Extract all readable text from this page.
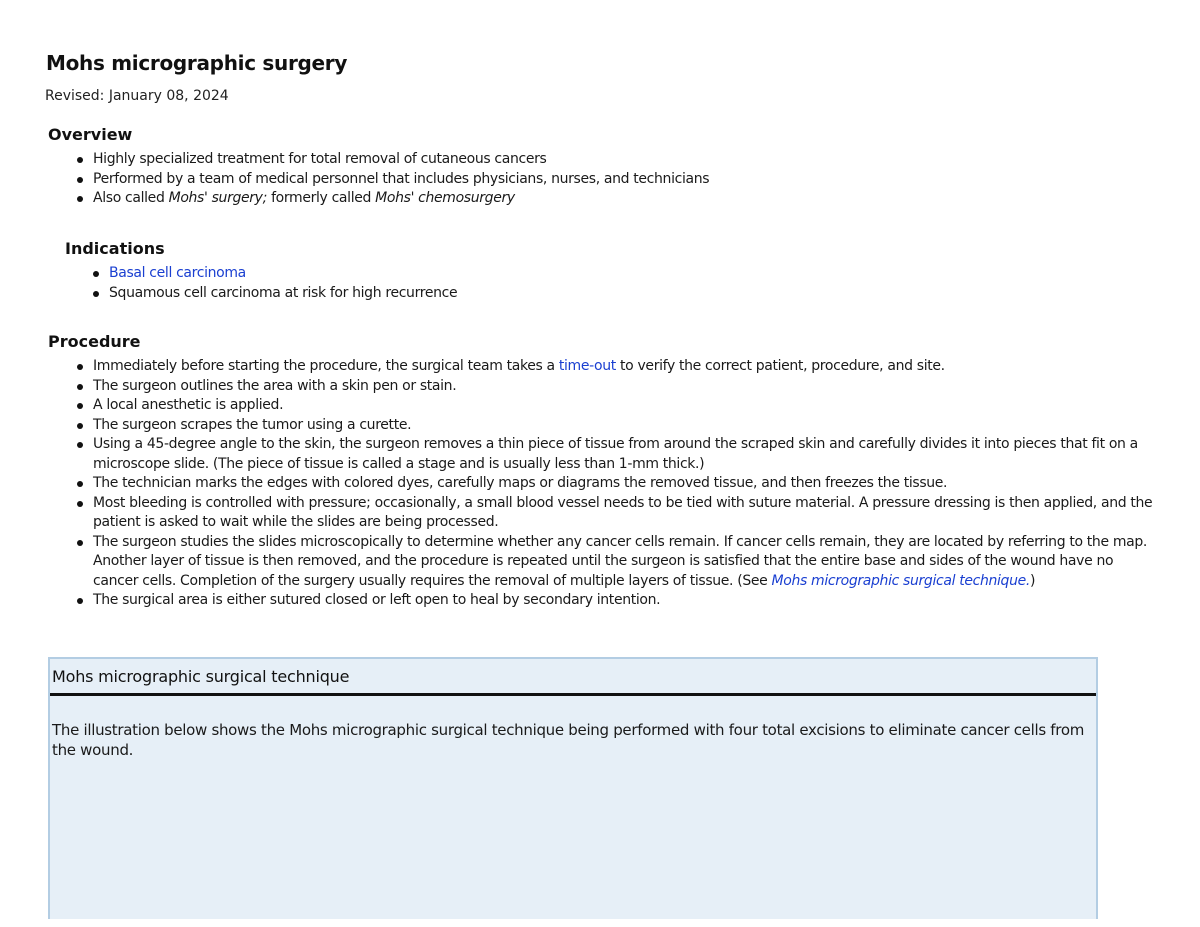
Mohs micrographic surgery
Revised: January 08, 2024
Overview
Highly specialized treatment for total removal of cutaneous cancers
Performed by a team of medical personnel that includes physicians, nurses, and technicians
Also called Mohs' surgery; formerly called Mohs' chemosurgery
Indications
Basal cell carcinoma
Squamous cell carcinoma at risk for high recurrence
Procedure
Immediately before starting the procedure, the surgical team takes a time-out to verify the correct patient, procedure, and site.
The surgeon outlines the area with a skin pen or stain.
A local anesthetic is applied.
The surgeon scrapes the tumor using a curette.
Using a 45-degree angle to the skin, the surgeon removes a thin piece of tissue from around the scraped skin and carefully divides it into pieces that fit on a microscope slide. (The piece of tissue is called a stage and is usually less than 1-mm thick.)
The technician marks the edges with colored dyes, carefully maps or diagrams the removed tissue, and then freezes the tissue.
Most bleeding is controlled with pressure; occasionally, a small blood vessel needs to be tied with suture material. A pressure dressing is then applied, and the patient is asked to wait while the slides are being processed.
The surgeon studies the slides microscopically to determine whether any cancer cells remain. If cancer cells remain, they are located by referring to the map. Another layer of tissue is then removed, and the procedure is repeated until the surgeon is satisfied that the entire base and sides of the wound have no cancer cells. Completion of the surgery usually requires the removal of multiple layers of tissue. (See Mohs micrographic surgical technique.)
The surgical area is either sutured closed or left open to heal by secondary intention.
Mohs micrographic surgical technique
The illustration below shows the Mohs micrographic surgical technique being performed with four total excisions to eliminate cancer cells from the wound.
